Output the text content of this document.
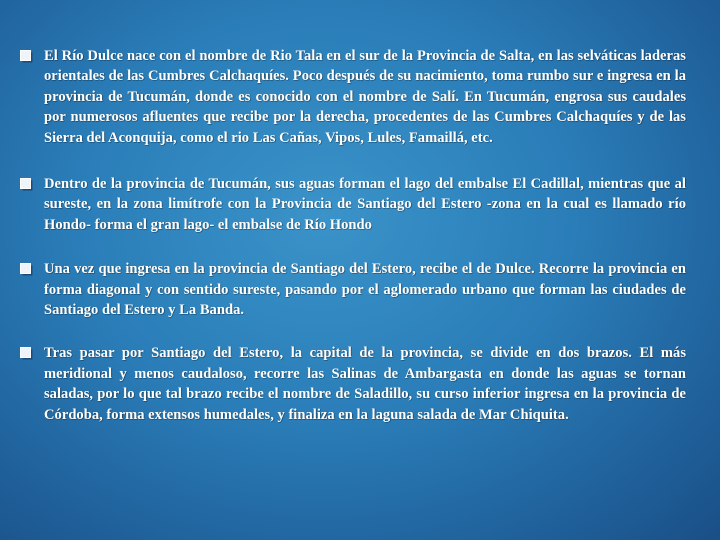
El Río Dulce nace con el nombre de Rio Tala en el sur de la Provincia de Salta, en las selváticas laderas orientales de las Cumbres Calchaquíes. Poco después de su nacimiento, toma rumbo sur e ingresa en la provincia de Tucumán, donde es conocido con el nombre de Salí. En Tucumán, engrosa sus caudales por numerosos afluentes que recibe por la derecha, procedentes de las Cumbres Calchaquíes y de las Sierra del Aconquija, como el rio Las Cañas, Vipos, Lules, Famaillá, etc.

Dentro de la provincia de Tucumán, sus aguas forman el lago del embalse El Cadillal, mientras que al sureste, en la zona limítrofe con la Provincia de Santiago del Estero -zona en la cual es llamado río Hondo- forma el gran lago- el embalse de Río Hondo

Una vez que ingresa en la provincia de Santiago del Estero, recibe el de Dulce. Recorre la provincia en forma diagonal y con sentido sureste, pasando por el aglomerado urbano que forman las ciudades de Santiago del Estero y La Banda.

Tras pasar por Santiago del Estero, la capital de la provincia, se divide en dos brazos. El más meridional y menos caudaloso, recorre las Salinas de Ambargasta en donde las aguas se tornan saladas, por lo que tal brazo recibe el nombre de Saladillo, su curso inferior ingresa en la provincia de Córdoba, forma extensos humedales, y finaliza en la laguna salada de Mar Chiquita.
